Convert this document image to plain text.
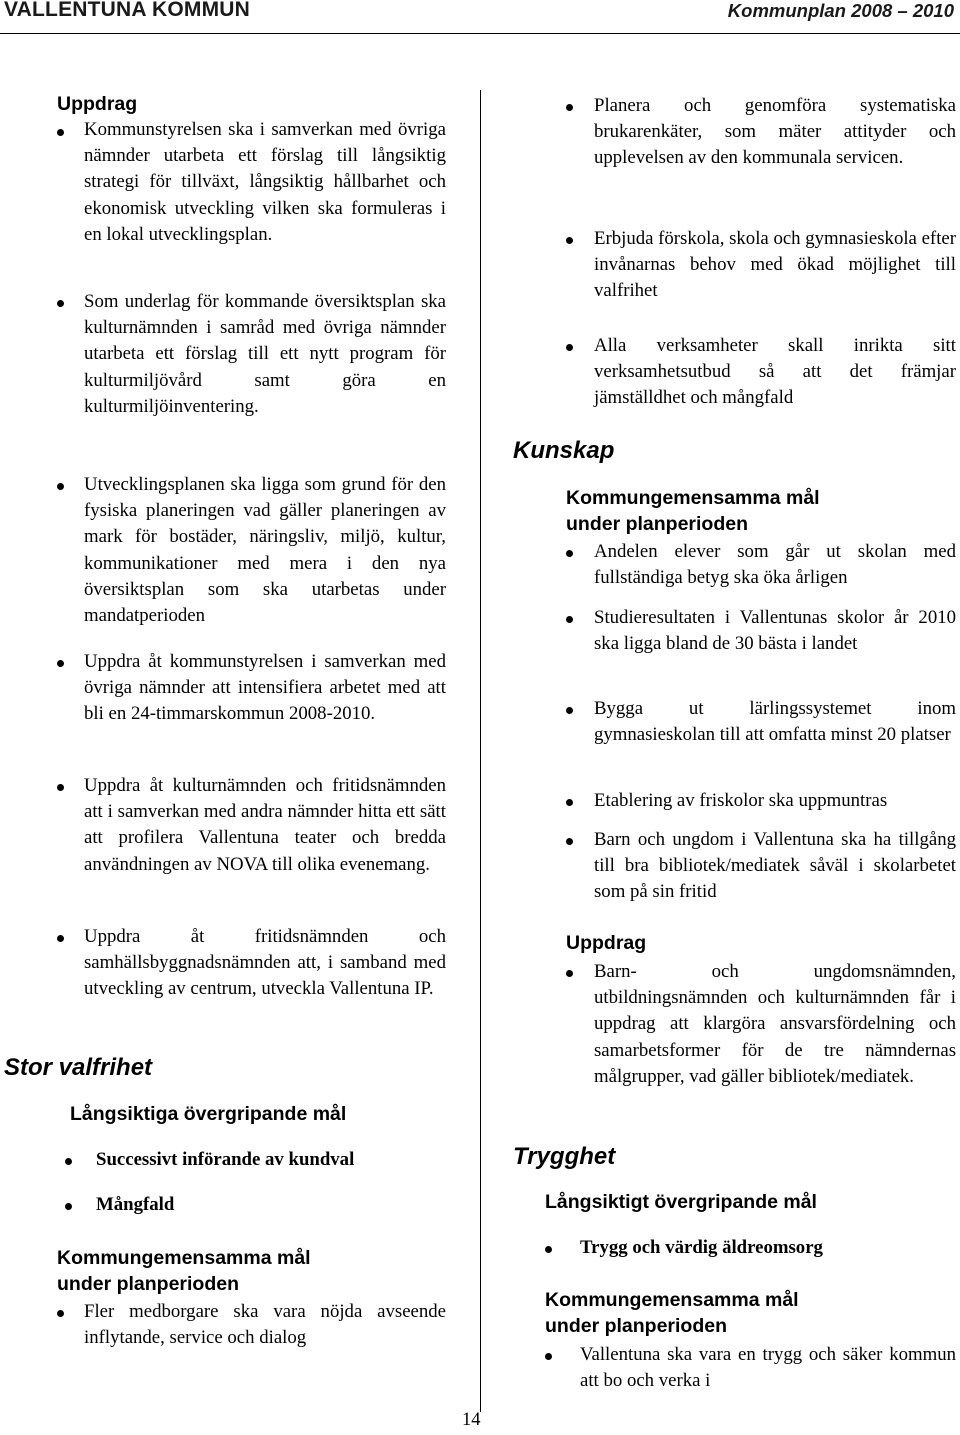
VALLENTUNA KOMMUN	Kommunplan 2008 – 2010
Uppdrag

Kommunstyrelsen ska i samverkan med övriga nämnder utarbeta ett förslag till långsiktig strategi för tillväxt, långsiktig hållbarhet och ekonomisk utveckling vilken ska formuleras i en lokal utvecklingsplan.

Som underlag för kommande översiktsplan ska kulturnämnden i samråd med övriga nämnder utarbeta ett förslag till ett nytt program för kulturmiljövård samt göra en kulturmiljöinventering.

Utvecklingsplanen ska ligga som grund för den fysiska planeringen vad gäller planeringen av mark för bostäder, näringsliv, miljö, kultur, kommunikationer med mera i den nya översiktsplan som ska utarbetas under mandatperioden

Uppdra åt kommunstyrelsen i samverkan med övriga nämnder att intensifiera arbetet med att bli en 24-timmarskommun 2008-2010.

Uppdra åt kulturnämnden och fritidsnämnden att i samverkan med andra nämnder hitta ett sätt att profilera Vallentuna teater och bredda användningen av NOVA till olika evenemang.

Uppdra åt fritidsnämnden och samhällsbyggnadsnämnden att, i samband med utveckling av centrum, utveckla Vallentuna IP.

Stor valfrihet
Långsiktiga övergripande mål

Successivt införande av kundval

Mångfald

Kommungemensamma mål
under planperioden

Fler medborgare ska vara nöjda avseende inflytande, service och dialog

Planera och genomföra systematiska brukarenkäter, som mäter attityder och upplevelsen av den kommunala servicen.

Erbjuda förskola, skola och gymnasieskola efter invånarnas behov med ökad möjlighet till valfrihet

Alla verksamheter skall inrikta sitt verksamhetsutbud så att det främjar jämställdhet och mångfald

Kunskap
Kommungemensamma mål
under planperioden

Andelen elever som går ut skolan med fullständiga betyg ska öka årligen

Studieresultaten i Vallentunas skolor år 2010 ska ligga bland de 30 bästa i landet

Bygga ut lärlingssystemet inom gymnasieskolan till att omfatta minst 20 platser

Etablering av friskolor ska uppmuntras

Barn och ungdom i Vallentuna ska ha tillgång till bra bibliotek/mediatek såväl i skolarbetet som på sin fritid

Uppdrag

Barn- och ungdomsnämnden, utbildningsnämnden och kulturnämnden får i uppdrag att klargöra ansvarsfördelning och samarbetsformer för de tre nämndernas målgrupper, vad gäller bibliotek/mediatek.

Trygghet
Långsiktigt övergripande mål

Trygg och värdig äldreomsorg

Kommungemensamma mål
under planperioden

Vallentuna ska vara en trygg och säker kommun att bo och verka i

14
